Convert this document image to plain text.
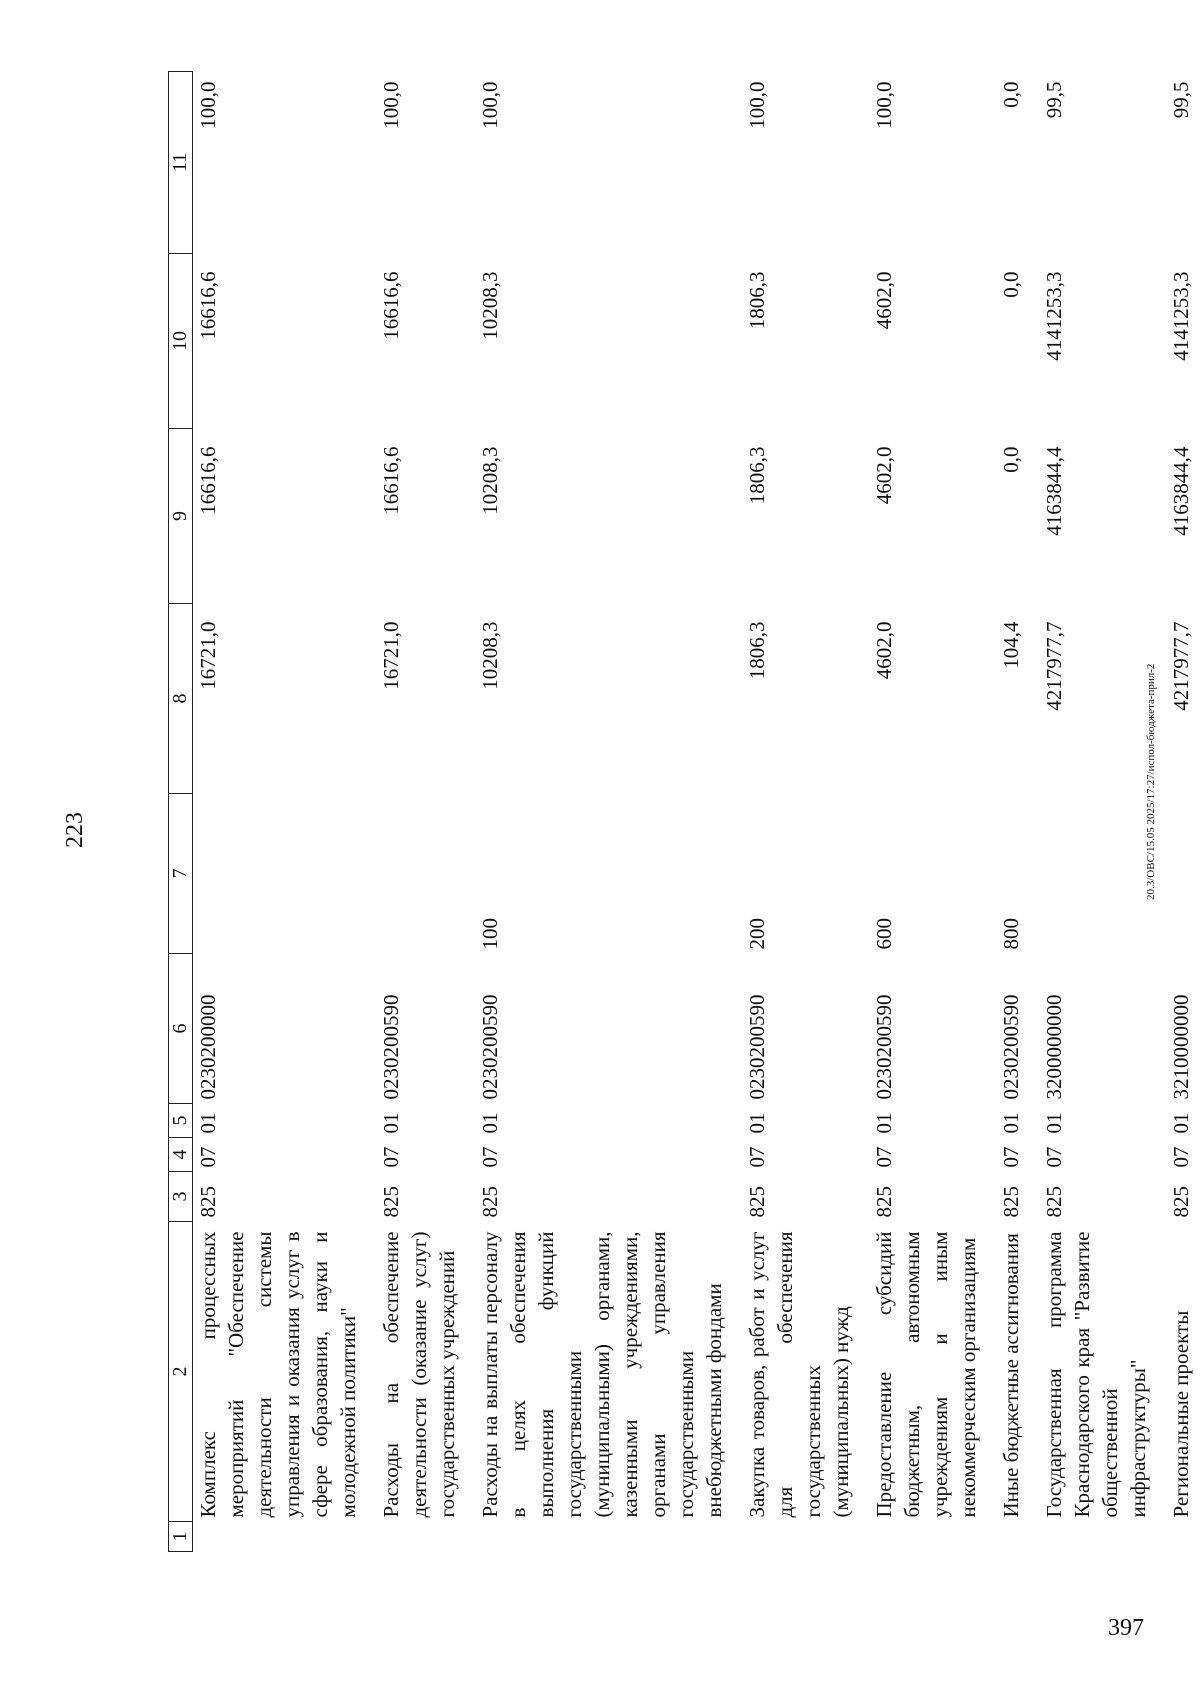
223
1	2	3	4	5	6	7	8	9	10	11
	Комплекс процессных мероприятий "Обеспечение деятельности системы управления и оказания услуг в сфере образования, науки и молодежной политики"	825	07	01	0230200000		16721,0	16616,6	16616,6	100,0

	Расходы на обеспечение деятельности (оказание услуг) государственных учреждений	825	07	01	0230200590		16721,0	16616,6	16616,6	100,0

	Расходы на выплаты персоналу в целях обеспечения выполнения функций государственными (муниципальными) органами, казенными учреждениями, органами управления государственными внебюджетными фондами	825	07	01	0230200590	100	10208,3	10208,3	10208,3	100,0

	Закупка товаров, работ и услуг для обеспечения государственных (муниципальных) нужд	825	07	01	0230200590	200	1806,3	1806,3	1806,3	100,0

	Предоставление субсидий бюджетным, автономным учреждениям и иным некоммерческим организациям	825	07	01	0230200590	600	4602,0	4602,0	4602,0	100,0

	Иные бюджетные ассигнования	825	07	01	0230200590	800	104,4	0,0	0,0	0,0

	Государственная программа Краснодарского края "Развитие общественной инфраструктуры"	825	07	01	3200000000		4217977,7	4163844,4	4141253,3	99,5

	Региональные проекты	825	07	01	3210000000		4217977,7	4163844,4	4141253,3	99,5
20.3/ОВС/15.05 2025/17:27/испол-бюджета-прил-2
397
